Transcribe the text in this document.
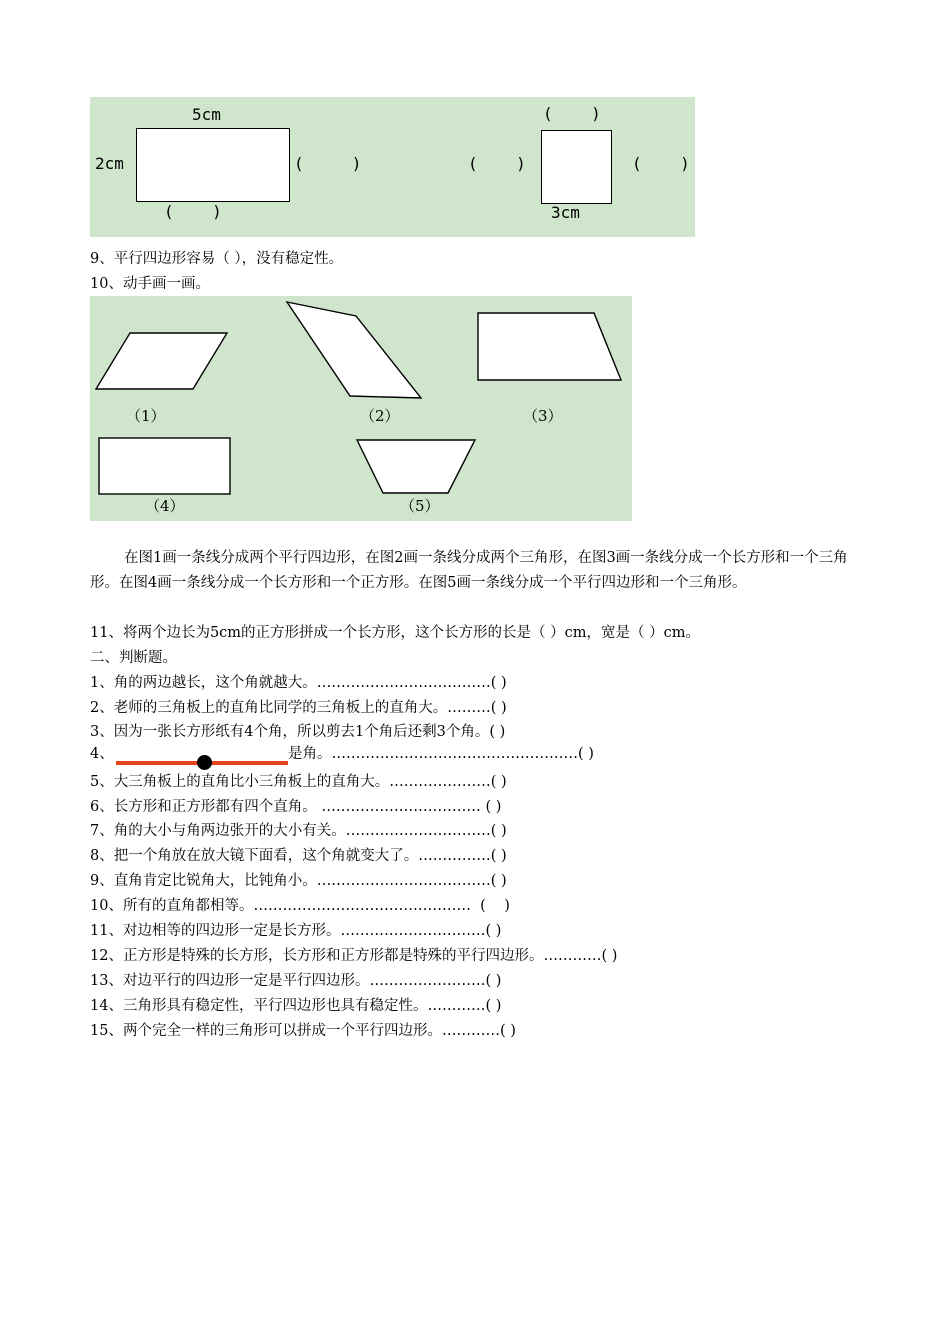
5cm
2cm	(     )
(    )
(    )
(    )	(    )
3cm
9、平行四边形容易（ ），没有稳定性。
10、动手画一画。
（1）	（2）	（3）
（4）	（5）
在图1画一条线分成两个平行四边形，在图2画一条线分成两个三角形，在图3画一条线分成一个长方形和一个三角形。在图4画一条线分成一个长方形和一个正方形。在图5画一条线分成一个平行四边形和一个三角形。
11、将两个边长为5cm的正方形拼成一个长方形，这个长方形的长是（ ）cm，宽是（ ）cm。
二、判断题。
1、角的两边越长，这个角就越大。………………………………( )
2、老师的三角板上的直角比同学的三角板上的直角大。………( )
3、因为一张长方形纸有4个角，所以剪去1个角后还剩3个角。( )
4、	是角。……………………………………………( )
5、大三角板上的直角比小三角板上的直角大。…………………( )
6、长方形和正方形都有四个直角。 …………………………… ( )
7、角的大小与角两边张开的大小有关。…………………………( )
8、把一个角放在放大镜下面看，这个角就变大了。……………( )
9、直角肯定比锐角大，比钝角小。………………………………( )
10、所有的直角都相等。………………………………………  (    )
11、对边相等的四边形一定是长方形。…………………………( )
12、正方形是特殊的长方形，长方形和正方形都是特殊的平行四边形。…………( )
13、对边平行的四边形一定是平行四边形。……………………( )
14、三角形具有稳定性，平行四边形也具有稳定性。…………( )
15、两个完全一样的三角形可以拼成一个平行四边形。…………( )
